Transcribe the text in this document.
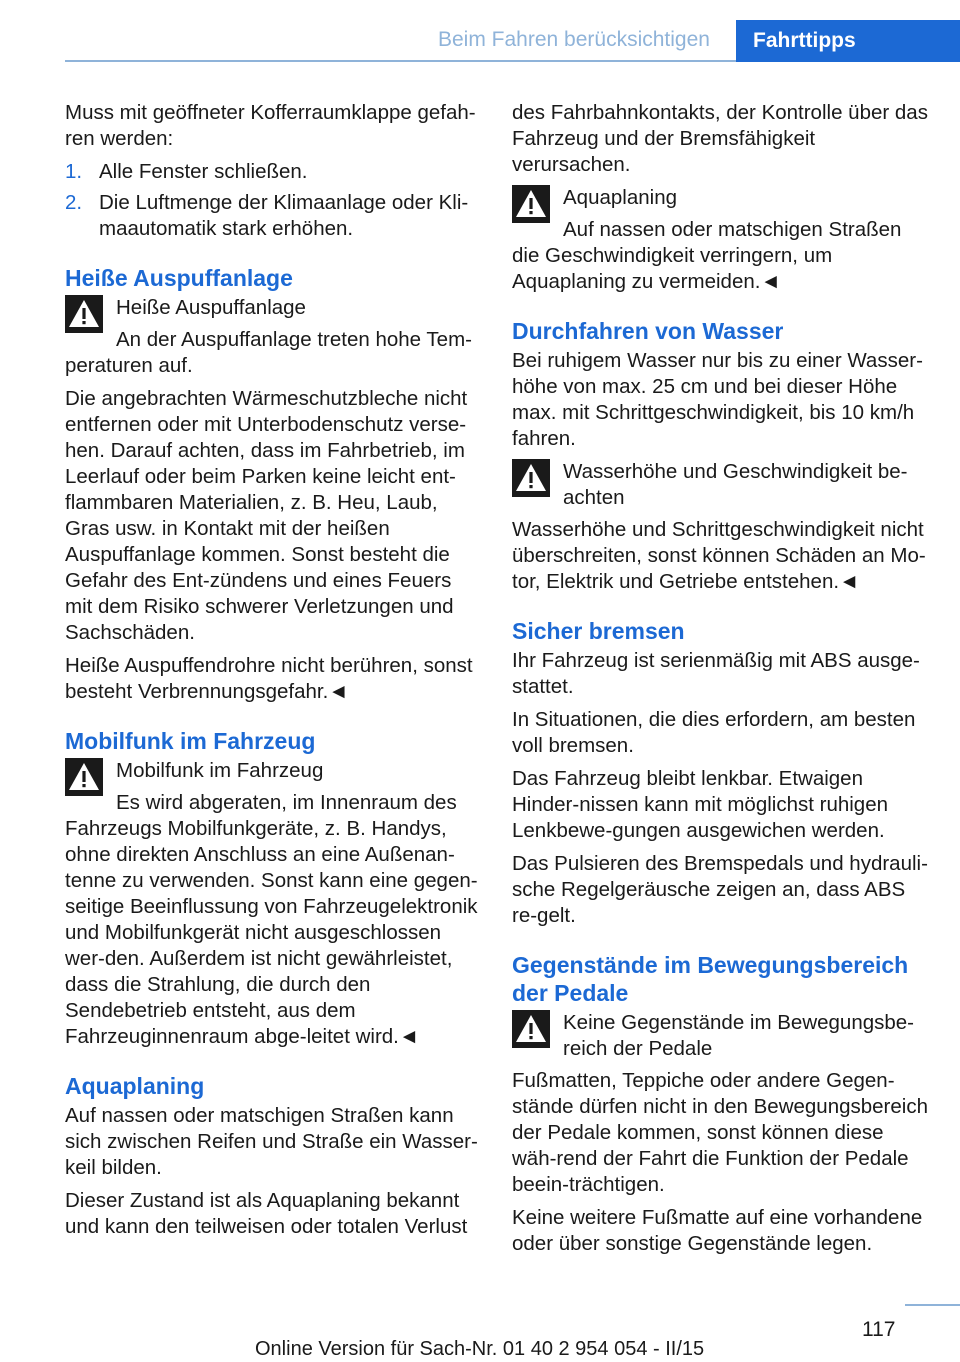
Beim Fahren berücksichtigen Fahrttipps

Muss mit geöffneter Kofferraumklappe gefah-ren werden:

1. Alle Fenster schließen.
2. Die Luftmenge der Klimaanlage oder Kli-maautomatik stark erhöhen.
Heiße Auspuffanlage
Heiße Auspuffanlage

An der Auspuffanlage treten hohe Tem-peraturen auf.

Die angebrachten Wärmeschutzbleche nicht entfernen oder mit Unterbodenschutz verse-hen. Darauf achten, dass im Fahrbetrieb, im Leerlauf oder beim Parken keine leicht ent-flammbaren Materialien, z. B. Heu, Laub, Gras usw. in Kontakt mit der heißen Auspuffanlage kommen. Sonst besteht die Gefahr des Ent-zündens und eines Feuers mit dem Risiko schwerer Verletzungen und Sachschäden.

Heiße Auspuffendrohre nicht berühren, sonst besteht Verbrennungsgefahr.◄

Mobilfunk im Fahrzeug
Mobilfunk im Fahrzeug

Es wird abgeraten, im Innenraum des Fahrzeugs Mobilfunkgeräte, z. B. Handys, ohne direkten Anschluss an eine Außenan-tenne zu verwenden. Sonst kann eine gegen-seitige Beeinflussung von Fahrzeugelektronik und Mobilfunkgerät nicht ausgeschlossen wer-den. Außerdem ist nicht gewährleistet, dass die Strahlung, die durch den Sendebetrieb entsteht, aus dem Fahrzeuginnenraum abge-leitet wird.◄

Aquaplaning

Auf nassen oder matschigen Straßen kann sich zwischen Reifen und Straße ein Wasser-keil bilden.

Dieser Zustand ist als Aquaplaning bekannt und kann den teilweisen oder totalen Verlust

des Fahrbahnkontakts, der Kontrolle über das Fahrzeug und der Bremsfähigkeit verursachen.

Aquaplaning

Auf nassen oder matschigen Straßen die Geschwindigkeit verringern, um Aquaplaning zu vermeiden.◄

Durchfahren von Wasser

Bei ruhigem Wasser nur bis zu einer Wasser-höhe von max. 25 cm und bei dieser Höhe max. mit Schrittgeschwindigkeit, bis 10 km/h fahren.

Wasserhöhe und Geschwindigkeit be-achten

Wasserhöhe und Schrittgeschwindigkeit nicht überschreiten, sonst können Schäden an Mo-tor, Elektrik und Getriebe entstehen.◄

Sicher bremsen

Ihr Fahrzeug ist serienmäßig mit ABS ausge-stattet.

In Situationen, die dies erfordern, am besten voll bremsen.

Das Fahrzeug bleibt lenkbar. Etwaigen Hinder-nissen kann mit möglichst ruhigen Lenkbewe-gungen ausgewichen werden.

Das Pulsieren des Bremspedals und hydrauli-sche Regelgeräusche zeigen an, dass ABS re-gelt.

Gegenstände im Bewegungsbereich der Pedale
Keine Gegenstände im Bewegungsbe-reich der Pedale

Fußmatten, Teppiche oder andere Gegen-stände dürfen nicht in den Bewegungsbereich der Pedale kommen, sonst können diese wäh-rend der Fahrt die Funktion der Pedale beein-trächtigen.

Keine weitere Fußmatte auf eine vorhandene oder über sonstige Gegenstände legen.

117
Online Version für Sach-Nr. 01 40 2 954 054 - II/15
